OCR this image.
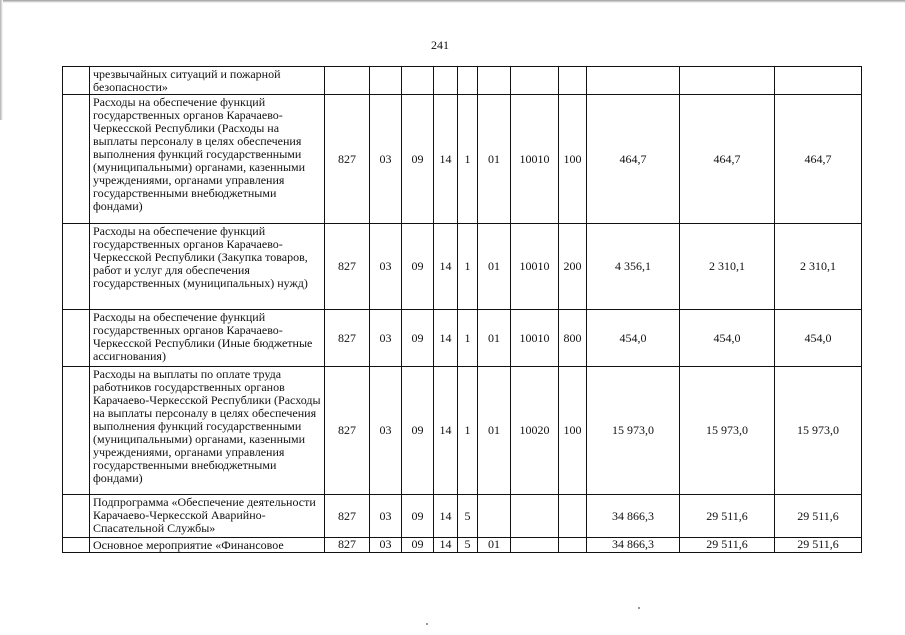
241
	чрезвычайных ситуаций и пожарной безопасности»											
	Расходы на обеспечение функций государственных органов Карачаево-Черкесской Республики (Расходы на выплаты персоналу в целях обеспечения выполнения функций государственными (муниципальными) органами, казенными учреждениями, органами управления государственными внебюджетными фондами)	827	03	09	14	1	01	10010	100	464,7	464,7	464,7
	Расходы на обеспечение функций государственных органов Карачаево-Черкесской Республики (Закупка товаров, работ и услуг для обеспечения государственных (муниципальных) нужд)	827	03	09	14	1	01	10010	200	4 356,1	2 310,1	2 310,1
	Расходы на обеспечение функций государственных органов Карачаево-Черкесской Республики (Иные бюджетные ассигнования)	827	03	09	14	1	01	10010	800	454,0	454,0	454,0
	Расходы на выплаты по оплате труда работников государственных органов Карачаево-Черкесской Республики (Расходы на выплаты персоналу в целях обеспечения выполнения функций государственными (муниципальными) органами, казенными учреждениями, органами управления государственными внебюджетными фондами)	827	03	09	14	1	01	10020	100	15 973,0	15 973,0	15 973,0
	Подпрограмма «Обеспечение деятельности Карачаево-Черкесской Аварийно-Спасательной Службы»	827	03	09	14	5				34 866,3	29 511,6	29 511,6
	Основное мероприятие «Финансовое	827	03	09	14	5	01			34 866,3	29 511,6	29 511,6
